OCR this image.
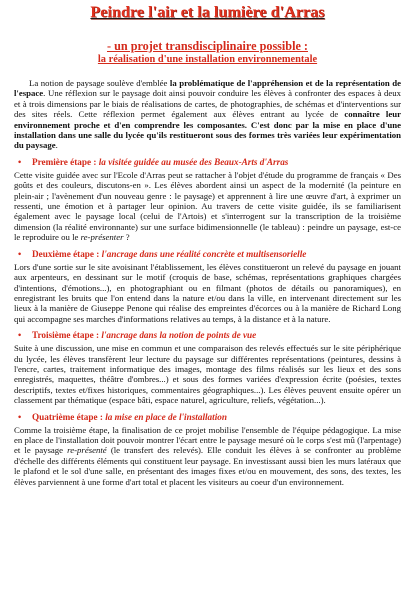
Peindre l'air et la lumière d'Arras
- un projet transdisciplinaire possible :
la réalisation d'une installation environnementale

La notion de paysage soulève d'emblée la problématique de l'appréhension et de la représentation de l'espace. Une réflexion sur le paysage doit ainsi pouvoir conduire les élèves à confronter des espaces à deux et à trois dimensions par le biais de réalisations de cartes, de photographies, de schémas et d'interventions sur des sites réels. Cette réflexion permet également aux élèves entrant au lycée de connaître leur environnement proche et d'en comprendre les composantes. C'est donc par la mise en place d'une installation dans une salle du lycée qu'ils restitueront sous des formes très variées leur expérimentation du paysage.

• Première étape : la visitée guidée au musée des Beaux-Arts d'Arras

Cette visite guidée avec sur l'Ecole d'Arras peut se rattacher à l'objet d'étude du programme de français « Des goûts et des couleurs, discutons-en ». Les élèves abordent ainsi un aspect de la modernité (la peinture en plein-air ; l'avènement d'un nouveau genre : le paysage) et apprennent à lire une œuvre d'art, à exprimer un ressenti, une émotion et à partager leur opinion. Au travers de cette visite guidée, ils se familiarisent également avec le paysage local (celui de l'Artois) et s'interrogent sur la transcription de la troisième dimension (la réalité environnante) sur une surface bidimensionnelle (le tableau) : peindre un paysage, est-ce le reproduire ou le re-présenter ?

• Deuxième étape : l'ancrage dans une réalité concrète et multisensorielle

Lors d'une sortie sur le site avoisinant l'établissement, les élèves constitueront un relevé du paysage en jouant aux arpenteurs, en dessinant sur le motif (croquis de base, schémas, représentations graphiques chargées d'intentions, d'émotions...), en photographiant ou en filmant (photos de détails ou panoramiques), en enregistrant les bruits que l'on entend dans la nature et/ou dans la ville, en intervenant directement sur les lieux à la manière de Giuseppe Penone qui réalise des empreintes d'écorces ou à la manière de Richard Long qui accompagne ses marches d'informations relatives au temps, à la distance et à la nature.

• Troisième étape : l'ancrage dans la notion de points de vue

Suite à une discussion, une mise en commun et une comparaison des relevés effectués sur le site périphérique du lycée, les élèves transfèrent leur lecture du paysage sur différentes représentations (peintures, dessins à l'encre, cartes, traitement informatique des images, montage des films réalisés sur les lieux et des sons enregistrés, maquettes, théâtre d'ombres...) et sous des formes variées d'expression écrite (poésies, textes descriptifs, textes et/fixes historiques, commentaires géographiques...). Les élèves peuvent ensuite opérer un classement par thématique (espace bâti, espace naturel, agriculture, reliefs, végétation...).

• Quatrième étape : la mise en place de l'installation

Comme la troisième étape, la finalisation de ce projet mobilise l'ensemble de l'équipe pédagogique. La mise en place de l'installation doit pouvoir montrer l'écart entre le paysage mesuré où le corps s'est mû (l'arpentage) et le paysage re-présenté (le transfert des relevés). Elle conduit les élèves à se confronter au problème d'échelle des différents éléments qui constituent leur paysage. En investissant aussi bien les murs latéraux que le plafond et le sol d'une salle, en présentant des images fixes et/ou en mouvement, des sons, des textes, les élèves parviennent à une forme d'art total et placent les visiteurs au coeur d'un environnement.
